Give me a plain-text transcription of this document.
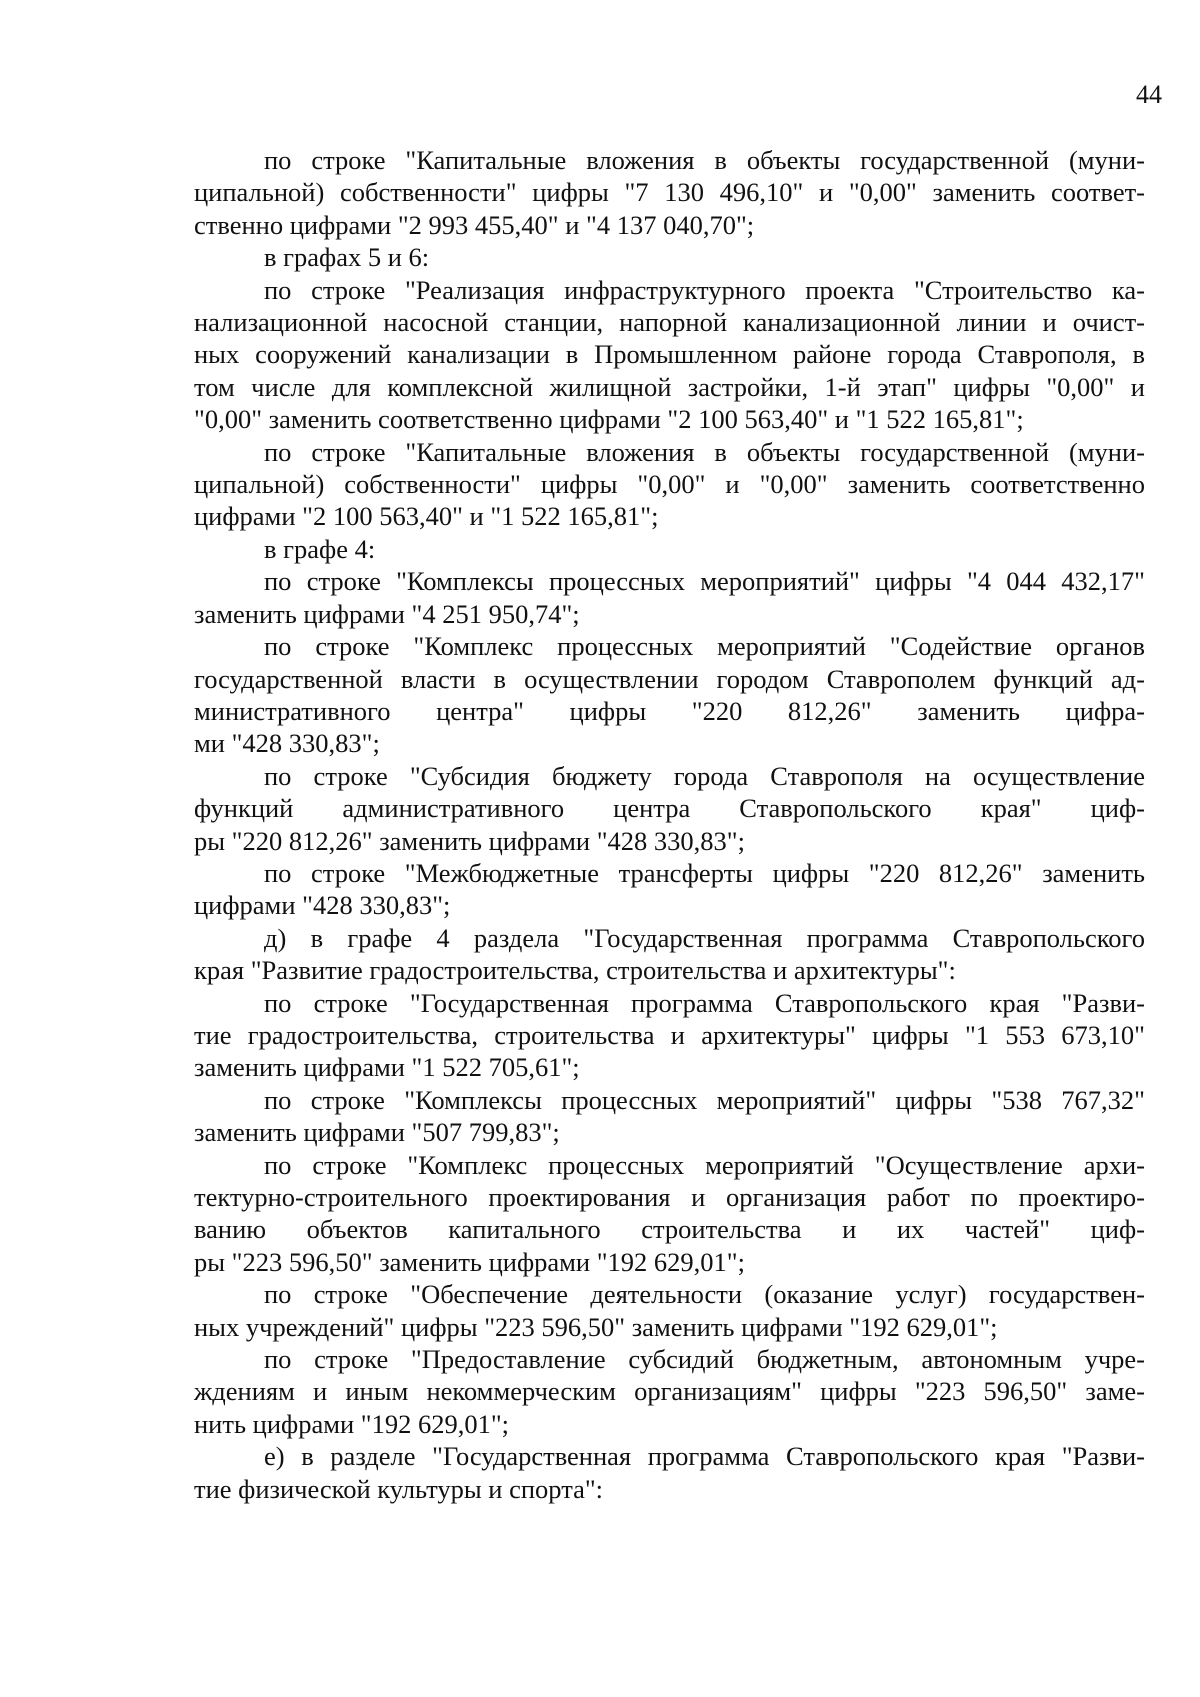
44
по строке "Капитальные вложения в объекты государственной (муни-
ципальной) собственности" цифры "7 130 496,10" и "0,00" заменить соответ-
ственно цифрами "2 993 455,40" и "4 137 040,70";
в графах 5 и 6:
по строке "Реализация инфраструктурного проекта "Строительство ка-
нализационной насосной станции, напорной канализационной линии и очист-
ных сооружений канализации в Промышленном районе города Ставрополя, в
том числе для комплексной жилищной застройки, 1-й этап" цифры "0,00" и
"0,00" заменить соответственно цифрами "2 100 563,40" и "1 522 165,81";
по строке "Капитальные вложения в объекты государственной (муни-
ципальной) собственности" цифры "0,00" и "0,00" заменить соответственно
цифрами "2 100 563,40" и "1 522 165,81";
в графе 4:
по строке "Комплексы процессных мероприятий" цифры "4 044 432,17"
заменить цифрами "4 251 950,74";
по строке "Комплекс процессных мероприятий "Содействие органов
государственной власти в осуществлении городом Ставрополем функций ад-
министративного центра" цифры "220 812,26" заменить цифра-
ми "428 330,83";
по строке "Субсидия бюджету города Ставрополя на осуществление
функций административного центра Ставропольского края" циф-
ры "220 812,26" заменить цифрами "428 330,83";
по строке "Межбюджетные трансферты цифры "220 812,26" заменить
цифрами "428 330,83";
д) в графе 4 раздела "Государственная программа Ставропольского
края "Развитие градостроительства, строительства и архитектуры":
по строке "Государственная программа Ставропольского края "Разви-
тие градостроительства, строительства и архитектуры" цифры "1 553 673,10"
заменить цифрами "1 522 705,61";
по строке "Комплексы процессных мероприятий" цифры "538 767,32"
заменить цифрами "507 799,83";
по строке "Комплекс процессных мероприятий "Осуществление архи-
тектурно-строительного проектирования и организация работ по проектиро-
ванию объектов капитального строительства и их частей" циф-
ры "223 596,50" заменить цифрами "192 629,01";
по строке "Обеспечение деятельности (оказание услуг) государствен-
ных учреждений" цифры "223 596,50" заменить цифрами "192 629,01";
по строке "Предоставление субсидий бюджетным, автономным учре-
ждениям и иным некоммерческим организациям" цифры "223 596,50" заме-
нить цифрами "192 629,01";
е) в разделе "Государственная программа Ставропольского края "Разви-
тие физической культуры и спорта":
